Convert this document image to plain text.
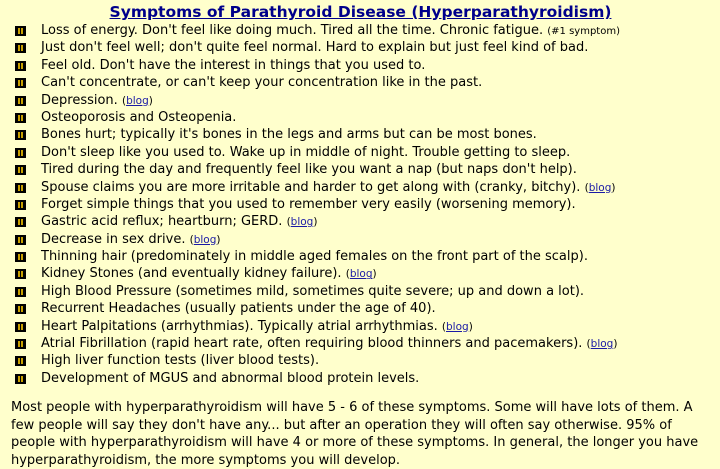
Symptoms of Parathyroid Disease (Hyperparathyroidism)
Loss of energy. Don't feel like doing much. Tired all the time. Chronic fatigue. (#1 symptom)
Just don't feel well; don't quite feel normal. Hard to explain but just feel kind of bad.
Feel old. Don't have the interest in things that you used to.
Can't concentrate, or can't keep your concentration like in the past.
Depression. ( blog )
Osteoporosis and Osteopenia.
Bones hurt; typically it's bones in the legs and arms but can be most bones.
Don't sleep like you used to. Wake up in middle of night. Trouble getting to sleep.
Tired during the day and frequently feel like you want a nap (but naps don't help).
Spouse claims you are more irritable and harder to get along with (cranky, bitchy). ( blog )
Forget simple things that you used to remember very easily (worsening memory).
Gastric acid reflux; heartburn; GERD. ( blog )
Decrease in sex drive. ( blog )
Thinning hair (predominately in middle aged females on the front part of the scalp).
Kidney Stones (and eventually kidney failure). ( blog )
High Blood Pressure (sometimes mild, sometimes quite severe; up and down a lot).
Recurrent Headaches (usually patients under the age of 40).
Heart Palpitations (arrhythmias). Typically atrial arrhythmias. ( blog )
Atrial Fibrillation (rapid heart rate, often requiring blood thinners and pacemakers). ( blog )
High liver function tests (liver blood tests).
Development of MGUS and abnormal blood protein levels.

Most people with hyperparathyroidism will have 5 - 6 of these symptoms. Some will have lots of them. A few people will say they don't have any... but after an operation they will often say otherwise. 95% of people with hyperparathyroidism will have 4 or more of these symptoms. In general, the longer you have hyperparathyroidism, the more symptoms you will develop.
